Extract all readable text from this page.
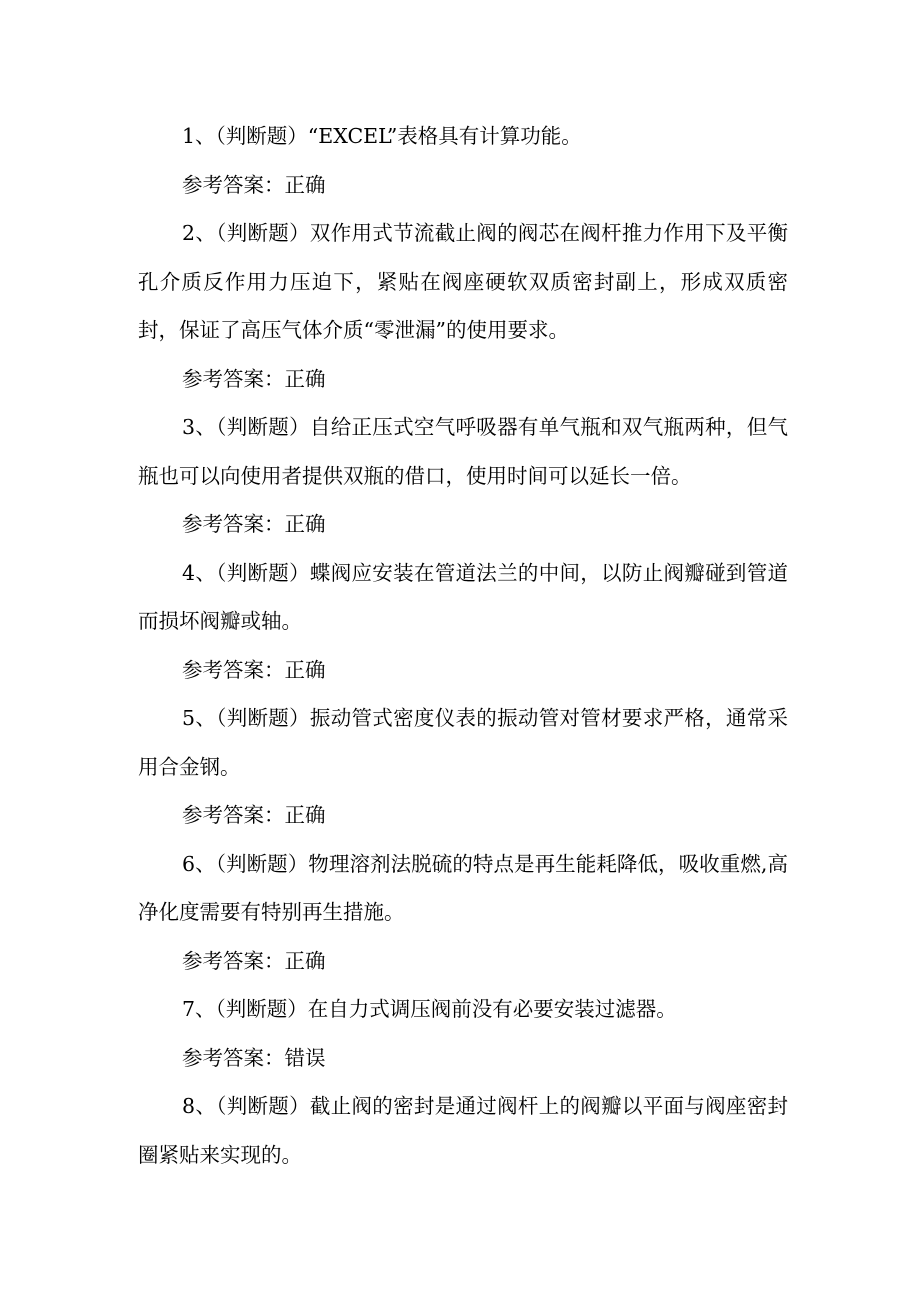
1、（判断题）“EXCEL”表格具有计算功能。

参考答案：正确

2、（判断题）双作用式节流截止阀的阀芯在阀杆推力作用下及平衡孔介质反作用力压迫下，紧贴在阀座硬软双质密封副上，形成双质密封，保证了高压气体介质“零泄漏”的使用要求。

参考答案：正确

3、（判断题）自给正压式空气呼吸器有单气瓶和双气瓶两种，但气瓶也可以向使用者提供双瓶的借口，使用时间可以延长一倍。

参考答案：正确

4、（判断题）蝶阀应安装在管道法兰的中间，以防止阀瓣碰到管道而损坏阀瓣或轴。

参考答案：正确

5、（判断题）振动管式密度仪表的振动管对管材要求严格，通常采用合金钢。

参考答案：正确

6、（判断题）物理溶剂法脱硫的特点是再生能耗降低，吸收重燃,高净化度需要有特别再生措施。

参考答案：正确

7、（判断题）在自力式调压阀前没有必要安装过滤器。

参考答案：错误

8、（判断题）截止阀的密封是通过阀杆上的阀瓣以平面与阀座密封圈紧贴来实现的。
